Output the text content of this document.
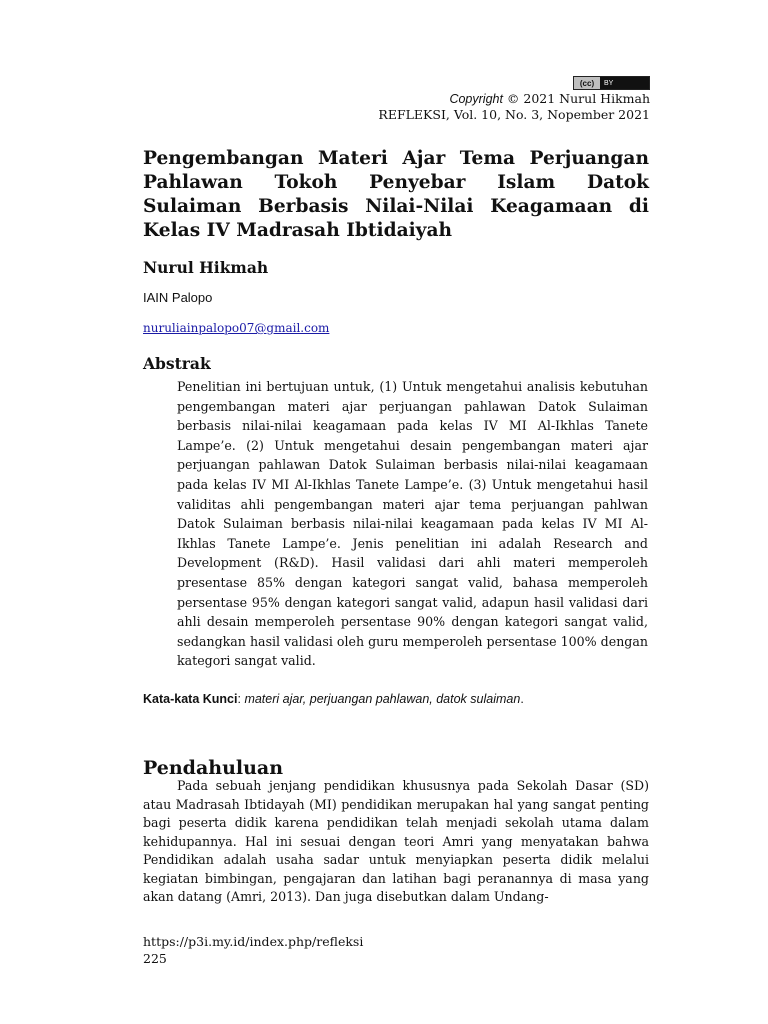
(cc)	BY
Copyright © 2021 Nurul Hikmah
REFLEKSI, Vol. 10, No. 3, Nopember 2021
Pengembangan Materi Ajar Tema Perjuangan Pahlawan Tokoh Penyebar Islam Datok Sulaiman Berbasis Nilai-Nilai Keagamaan di Kelas IV Madrasah Ibtidaiyah
Nurul Hikmah
IAIN Palopo
nuruliainpalopo07@gmail.com
Abstrak
Penelitian ini bertujuan untuk, (1) Untuk mengetahui analisis kebutuhan pengembangan materi ajar perjuangan pahlawan Datok Sulaiman berbasis nilai-nilai keagamaan pada kelas IV MI Al-Ikhlas Tanete Lampe’e. (2) Untuk mengetahui desain pengembangan materi ajar perjuangan pahlawan Datok Sulaiman berbasis nilai-nilai keagamaan pada kelas IV MI Al-Ikhlas Tanete Lampe’e. (3) Untuk mengetahui hasil validitas ahli pengembangan materi ajar tema perjuangan pahlwan Datok Sulaiman berbasis nilai-nilai keagamaan pada kelas IV MI Al-Ikhlas Tanete Lampe’e. Jenis penelitian ini adalah Research and Development (R&D). Hasil validasi dari ahli materi memperoleh presentase 85% dengan kategori sangat valid, bahasa memperoleh persentase 95% dengan kategori sangat valid, adapun hasil validasi dari ahli desain memperoleh persentase 90% dengan kategori sangat valid, sedangkan hasil validasi oleh guru memperoleh persentase 100% dengan kategori sangat valid.
Kata-kata Kunci: materi ajar, perjuangan pahlawan, datok sulaiman.
Pendahuluan
Pada sebuah jenjang pendidikan khususnya pada Sekolah Dasar (SD) atau Madrasah Ibtidayah (MI) pendidikan merupakan hal yang sangat penting bagi peserta didik karena pendidikan telah menjadi sekolah utama dalam kehidupannya. Hal ini sesuai dengan teori Amri yang menyatakan bahwa Pendidikan adalah usaha sadar untuk menyiapkan peserta didik melalui kegiatan bimbingan, pengajaran dan latihan bagi peranannya di masa yang akan datang (Amri, 2013). Dan juga disebutkan dalam Undang-
https://p3i.my.id/index.php/refleksi
225
